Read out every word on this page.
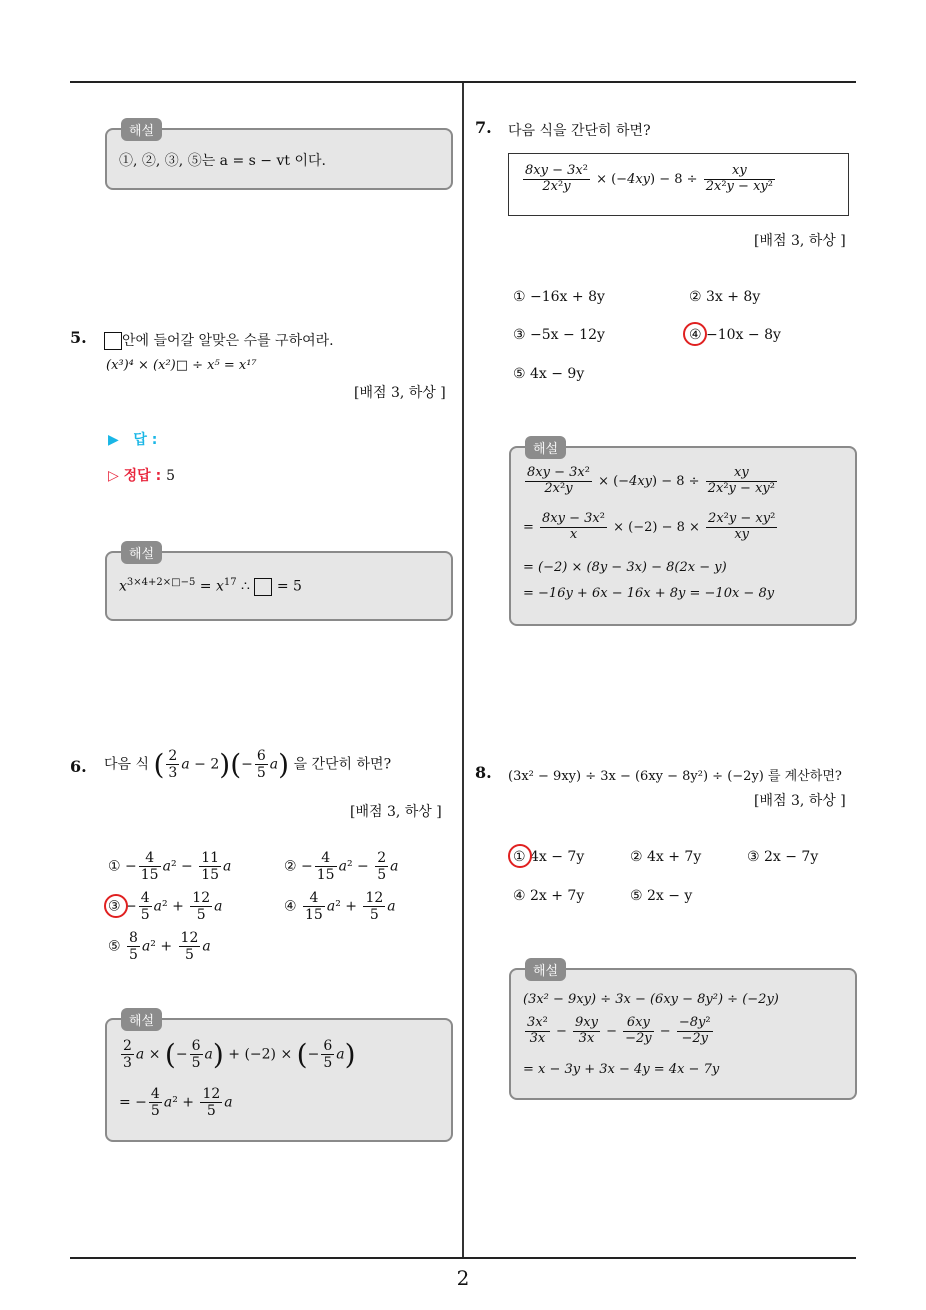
해설
①, ②, ③, ⑤는 a = s − vt 이다.
5.	안에 들어갈 알맞은 수를 구하여라.
(x³)⁴ × (x²)□ ÷ x⁵ = x¹⁷
[배점 3, 하상 ]
▶ 답 :
▷ 정답 : 5
해설
$x^{3\times 4+2\times□-5} = x^{17}$ ∴  = 5
6. 다음 식 ( $\frac{2}{3}$ $a - 2)(- \frac{6}{5} a)$ 을 간단히 하면?
[배점 3, 하상 ]
① − $\frac{4}{15} a^2 - \frac{11}{15}$ a	② − $\frac{4}{15} a^2 - \frac{2}{5}$ a
③ − $\frac{4}{5} a^2 + \frac{12}{5}$ a	④ $\frac{4}{15} a^2 + \frac{12}{5}$ a
⑤ $\frac{8}{5} a^2 + \frac{12}{5}$ a
해설
$\frac{2}{3}$ a × (− $\frac{6}{5} a) + (-2)$ × (− $\frac{6}{5} a$)
= − $\frac{4}{5} a^2 + \frac{12}{5}$ a
7. 다음 식을 간단히 하면?
$\frac{\text{8xy − 3x²}}{\text{2x²y}} \times (-4xy) - 8 \div \frac{xy}{\text{2x²y − xy²}}$
[배점 3, 하상 ]
① −16x + 8y	② 3x + 8y
③ −5x − 12y	④ −10x − 8y
⑤ 4x − 9y
해설
$\frac{\text{8xy − 3x²}}{\text{2x²y}} \times (-4xy) - 8 \div \frac{xy}{\text{2x²y − xy²}}$
= $\frac{\text{8xy − 3x²}}{x} \times (-2) - 8 \times \frac{\text{2x²y − xy²}}{xy}$
= (−2) × (8y − 3x) − 8(2x − y)
= −16y + 6x − 16x + 8y = −10x − 8y
8. (3x² − 9xy) ÷ 3x − (6xy − 8y²) ÷ (−2y) 를 계산하면?
[배점 3, 하상 ]
① 4x − 7y	② 4x + 7y	③ 2x − 7y
④ 2x + 7y	⑤ 2x − y
해설
(3x² − 9xy) ÷ 3x − (6xy − 8y²) ÷ (−2y)
$\frac{\text{3x²}}{3x} - \frac{9xy}{3x} - \frac{6xy}{-2y} - \frac{\text{−8y²}}{-2y}$
= x − 3y + 3x − 4y = 4x − 7y
2
